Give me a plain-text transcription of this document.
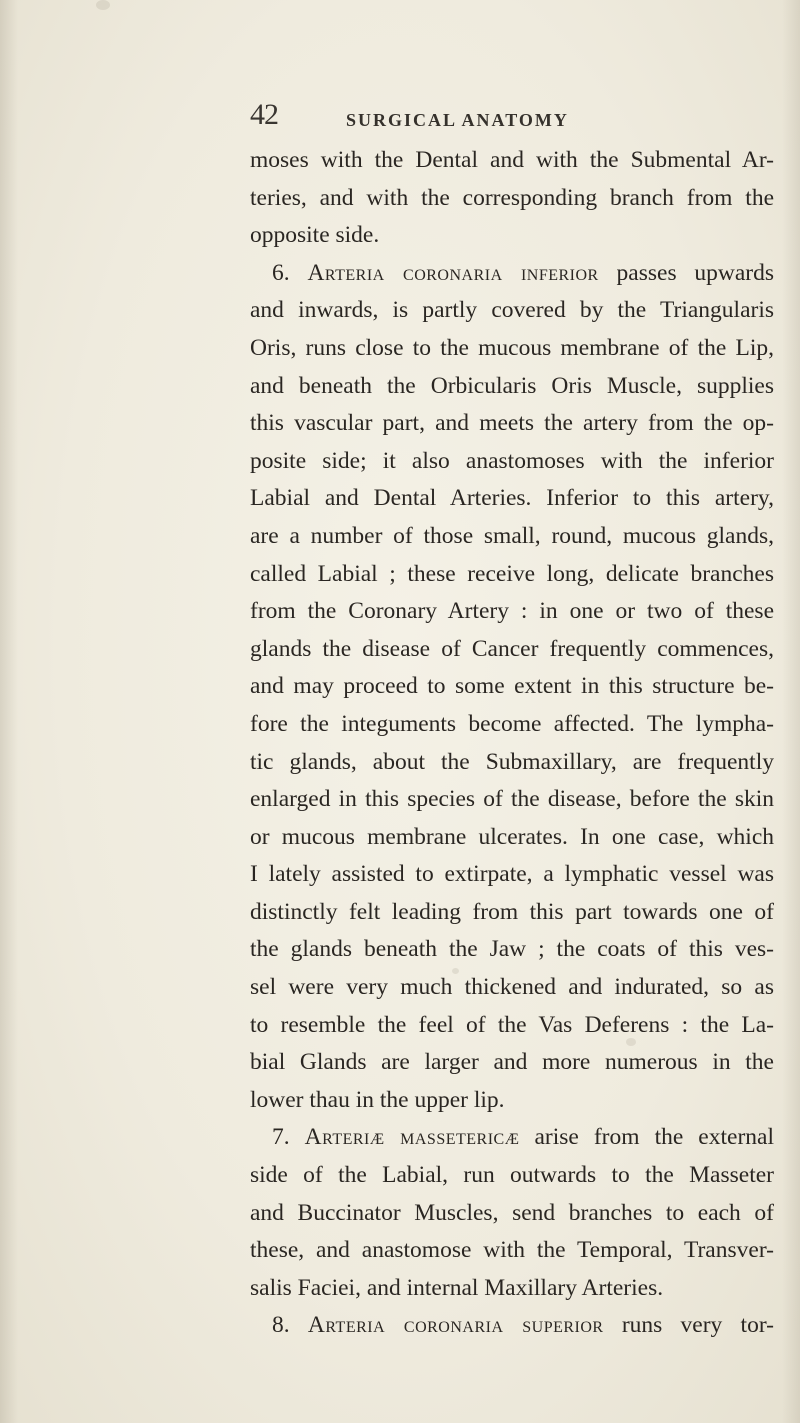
42	SURGICAL ANATOMY
moses with the Dental and with the Submental Ar-
teries, and with the corresponding branch from the
opposite side.
6. Arteria coronaria inferior passes upwards
and inwards, is partly covered by the Triangularis
Oris, runs close to the mucous membrane of the Lip,
and beneath the Orbicularis Oris Muscle, supplies
this vascular part, and meets the artery from the op-
posite side; it also anastomoses with the inferior
Labial and Dental Arteries. Inferior to this artery,
are a number of those small, round, mucous glands,
called Labial ; these receive long, delicate branches
from the Coronary Artery : in one or two of these
glands the disease of Cancer frequently commences,
and may proceed to some extent in this structure be-
fore the integuments become affected. The lympha-
tic glands, about the Submaxillary, are frequently
enlarged in this species of the disease, before the skin
or mucous membrane ulcerates. In one case, which
I lately assisted to extirpate, a lymphatic vessel was
distinctly felt leading from this part towards one of
the glands beneath the Jaw ; the coats of this ves-
sel were very much thickened and indurated, so as
to resemble the feel of the Vas Deferens : the La-
bial Glands are larger and more numerous in the
lower thau in the upper lip.
7. Arteriæ massetericæ arise from the external
side of the Labial, run outwards to the Masseter
and Buccinator Muscles, send branches to each of
these, and anastomose with the Temporal, Transver-
salis Faciei, and internal Maxillary Arteries.
8. Arteria coronaria superior runs very tor-
